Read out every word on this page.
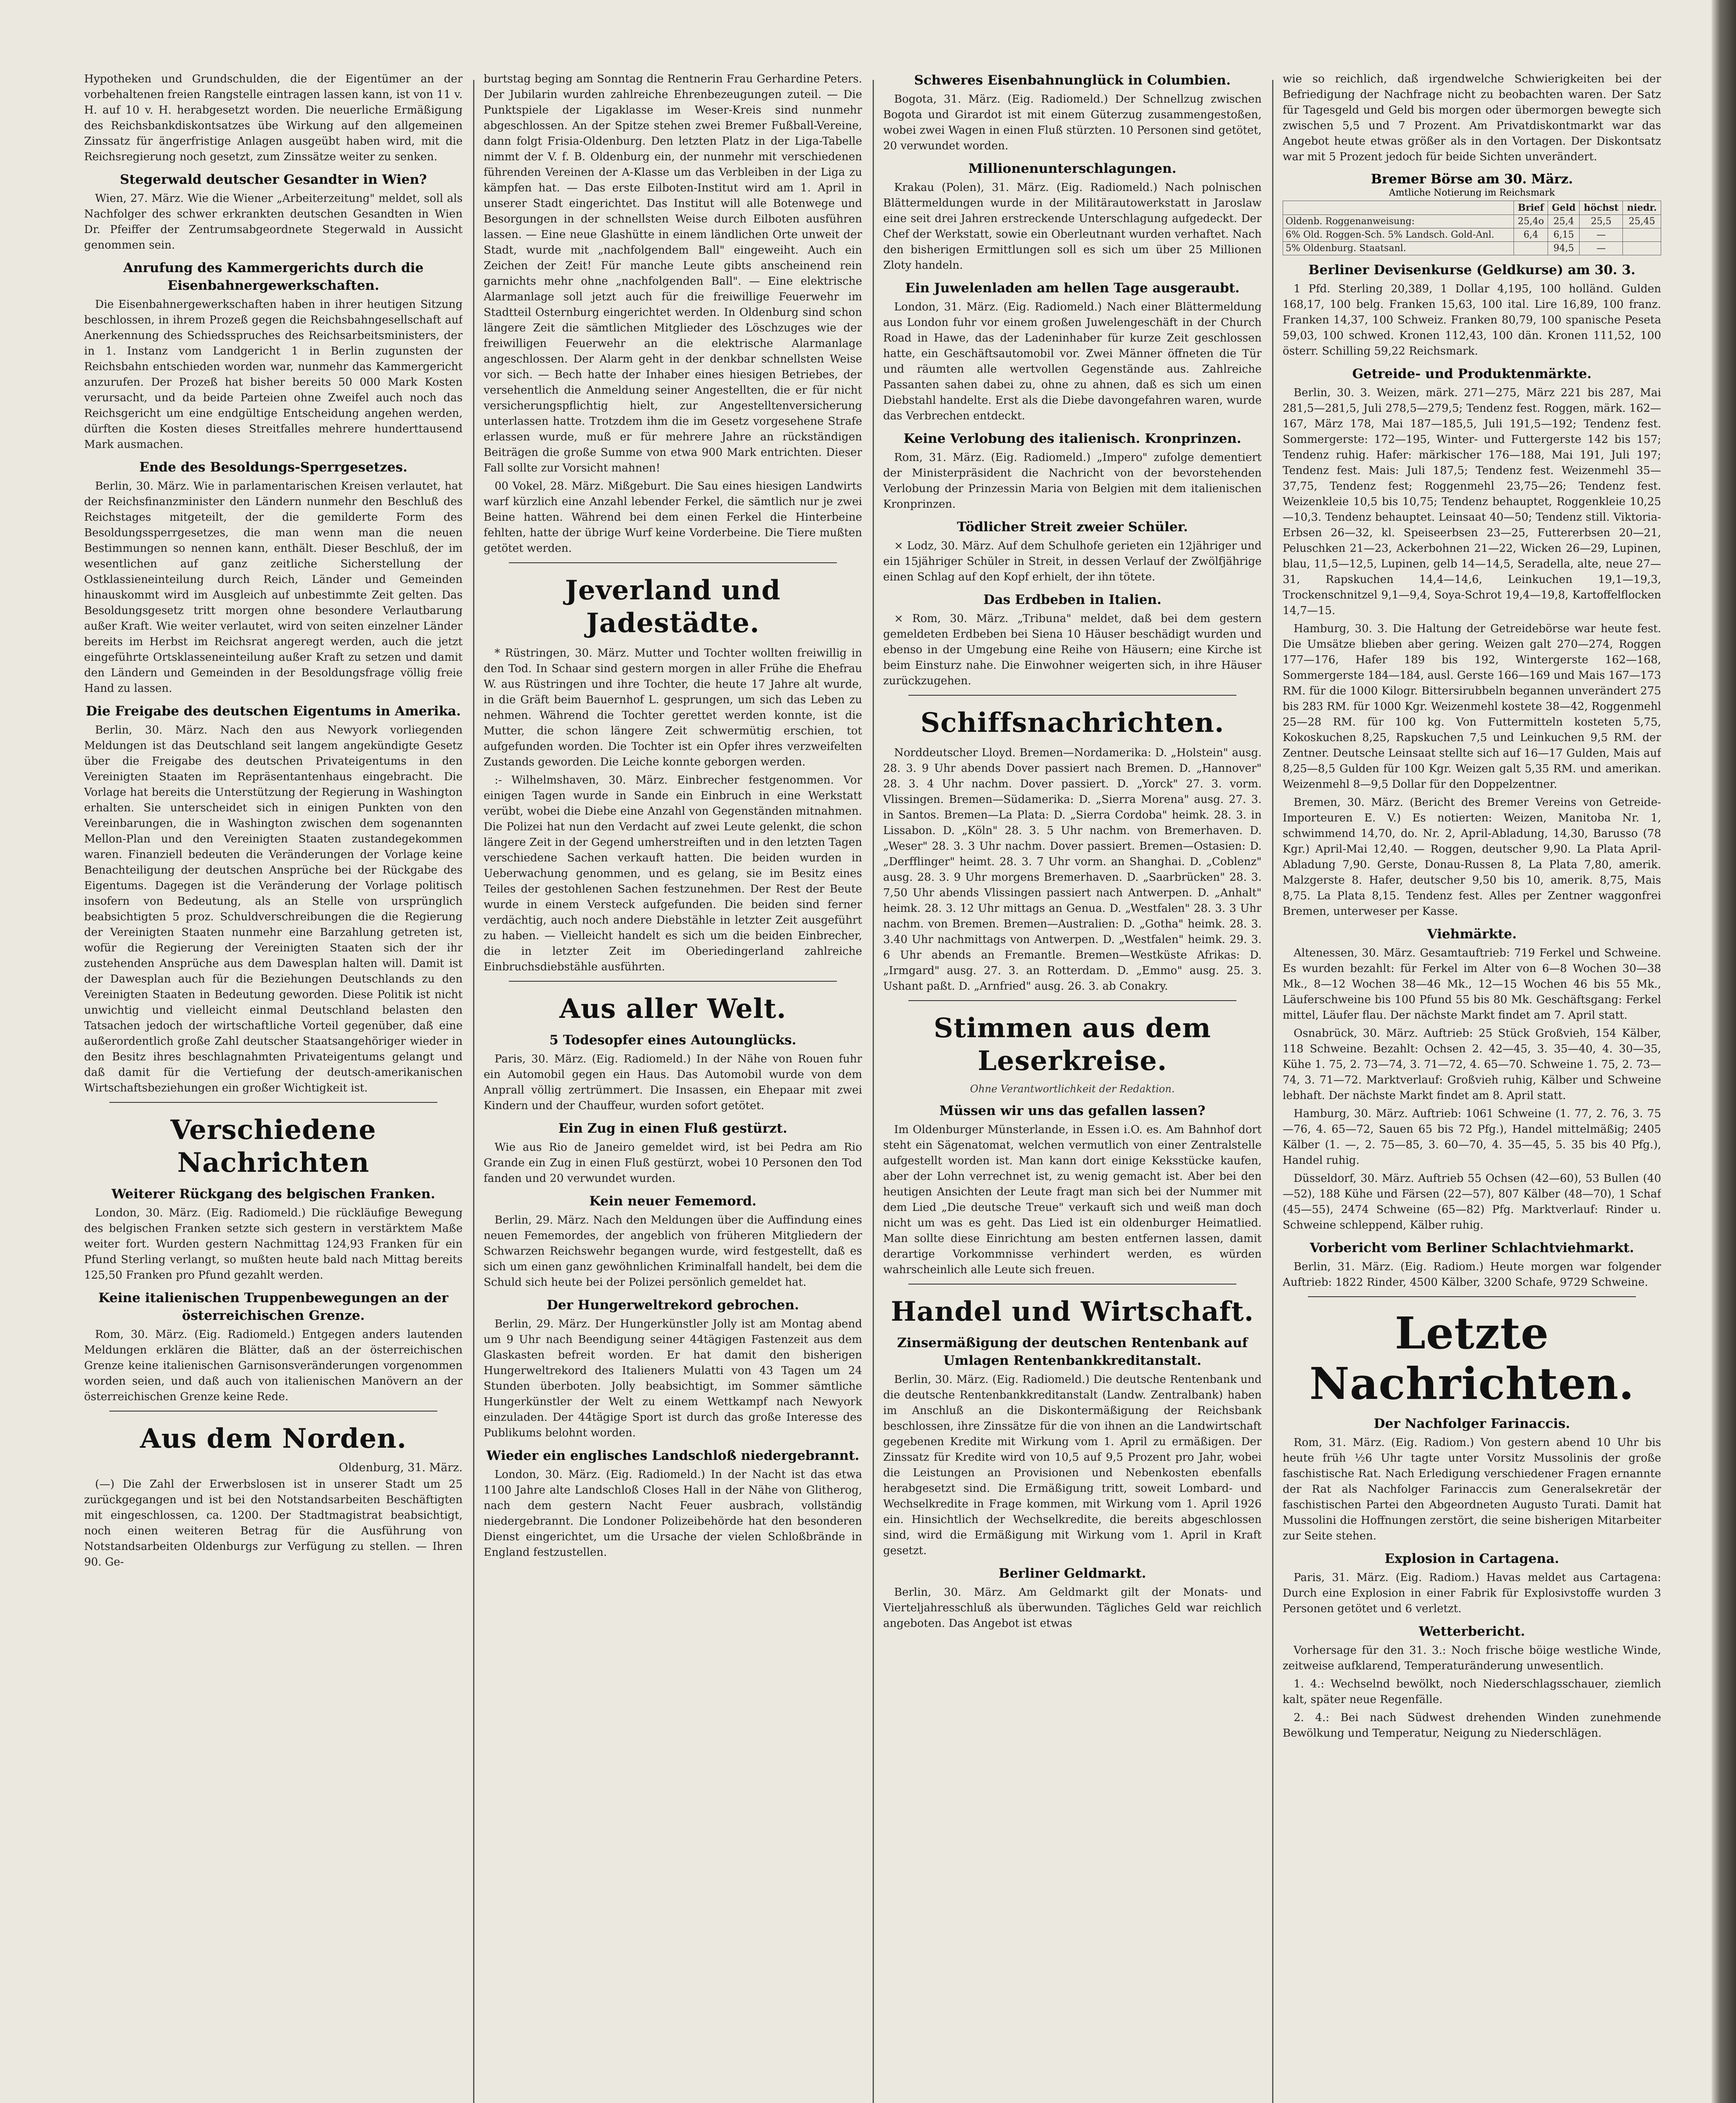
Hypotheken und Grundschulden, die der Eigentümer an der vorbehaltenen freien Rangstelle eintragen lassen kann, ist von 11 v. H. auf 10 v. H. herabgesetzt worden. Die neuerliche Ermäßigung des Reichsbankdiskontsatzes übe Wirkung auf den allgemeinen Zinssatz für ängerfristige Anlagen ausgeübt haben wird, mit die Reichsregierung noch gesetzt, zum Zinssätze weiter zu senken.

Stegerwald deutscher Gesandter in Wien?

Wien, 27. März. Wie die Wiener „Arbeiterzeitung" meldet, soll als Nachfolger des schwer erkrankten deutschen Gesandten in Wien Dr. Pfeiffer der Zentrumsabgeordnete Stegerwald in Aussicht genommen sein.

Anrufung des Kammergerichts durch die Eisenbahnergewerkschaften.

Die Eisenbahnergewerkschaften haben in ihrer heutigen Sitzung beschlossen, in ihrem Prozeß gegen die Reichsbahngesellschaft auf Anerkennung des Schiedsspruches des Reichsarbeitsministers, der in 1. Instanz vom Landgericht 1 in Berlin zugunsten der Reichsbahn entschieden worden war, nunmehr das Kammergericht anzurufen. Der Prozeß hat bisher bereits 50 000 Mark Kosten verursacht, und da beide Parteien ohne Zweifel auch noch das Reichsgericht um eine endgültige Entscheidung angehen werden, dürften die Kosten dieses Streitfalles mehrere hunderttausend Mark ausmachen.

Ende des Besoldungs-Sperrgesetzes.

Berlin, 30. März. Wie in parlamentarischen Kreisen verlautet, hat der Reichsfinanzminister den Ländern nunmehr den Beschluß des Reichstages mitgeteilt, der die gemilderte Form des Besoldungssperrgesetzes, die man wenn man die neuen Bestimmungen so nennen kann, enthält. Dieser Beschluß, der im wesentlichen auf ganz zeitliche Sicherstellung der Ostklassieneinteilung durch Reich, Länder und Gemeinden hinauskommt wird im Ausgleich auf unbestimmte Zeit gelten. Das Besoldungsgesetz tritt morgen ohne besondere Verlautbarung außer Kraft. Wie weiter verlautet, wird von seiten einzelner Länder bereits im Herbst im Reichsrat angeregt werden, auch die jetzt eingeführte Ortsklasseneinteilung außer Kraft zu setzen und damit den Ländern und Gemeinden in der Besoldungsfrage völlig freie Hand zu lassen.

Die Freigabe des deutschen Eigentums in Amerika.

Berlin, 30. März. Nach den aus Newyork vorliegenden Meldungen ist das Deutschland seit langem angekündigte Gesetz über die Freigabe des deutschen Privateigentums in den Vereinigten Staaten im Repräsentantenhaus eingebracht. Die Vorlage hat bereits die Unterstützung der Regierung in Washington erhalten. Sie unterscheidet sich in einigen Punkten von den Vereinbarungen, die in Washington zwischen dem sogenannten Mellon-Plan und den Vereinigten Staaten zustandegekommen waren. Finanziell bedeuten die Veränderungen der Vorlage keine Benachteiligung der deutschen Ansprüche bei der Rückgabe des Eigentums. Dagegen ist die Veränderung der Vorlage politisch insofern von Bedeutung, als an Stelle von ursprünglich beabsichtigten 5 proz. Schuldverschreibungen die die Regierung der Vereinigten Staaten nunmehr eine Barzahlung getreten ist, wofür die Regierung der Vereinigten Staaten sich der ihr zustehenden Ansprüche aus dem Dawesplan halten will. Damit ist der Dawesplan auch für die Beziehungen Deutschlands zu den Vereinigten Staaten in Bedeutung geworden. Diese Politik ist nicht unwichtig und vielleicht einmal Deutschland belasten den Tatsachen jedoch der wirtschaftliche Vorteil gegenüber, daß eine außerordentlich große Zahl deutscher Staatsangehöriger wieder in den Besitz ihres beschlagnahmten Privateigentums gelangt und daß damit für die Vertiefung der deutsch-amerikanischen Wirtschaftsbeziehungen ein großer Wichtigkeit ist.

Verschiedene Nachrichten
Weiterer Rückgang des belgischen Franken.

London, 30. März. (Eig. Radiomeld.) Die rückläufige Bewegung des belgischen Franken setzte sich gestern in verstärktem Maße weiter fort. Wurden gestern Nachmittag 124,93 Franken für ein Pfund Sterling verlangt, so mußten heute bald nach Mittag bereits 125,50 Franken pro Pfund gezahlt werden.

Keine italienischen Truppenbewegungen an der österreichischen Grenze.

Rom, 30. März. (Eig. Radiomeld.) Entgegen anders lautenden Meldungen erklären die Blätter, daß an der österreichischen Grenze keine italienischen Garnisonsveränderungen vorgenommen worden seien, und daß auch von italienischen Manövern an der österreichischen Grenze keine Rede.

Aus dem Norden.
Oldenburg, 31. März.

(—) Die Zahl der Erwerbslosen ist in unserer Stadt um 25 zurückgegangen und ist bei den Notstandsarbeiten Beschäftigten mit eingeschlossen, ca. 1200. Der Stadtmagistrat beabsichtigt, noch einen weiteren Betrag für die Ausführung von Notstandsarbeiten Oldenburgs zur Verfügung zu stellen. — Ihren 90. Ge-

burtstag beging am Sonntag die Rentnerin Frau Gerhardine Peters. Der Jubilarin wurden zahlreiche Ehrenbezeugungen zuteil. — Die Punktspiele der Ligaklasse im Weser-Kreis sind nunmehr abgeschlossen. An der Spitze stehen zwei Bremer Fußball-Vereine, dann folgt Frisia-Oldenburg. Den letzten Platz in der Liga-Tabelle nimmt der V. f. B. Oldenburg ein, der nunmehr mit verschiedenen führenden Vereinen der A-Klasse um das Verbleiben in der Liga zu kämpfen hat. — Das erste Eilboten-Institut wird am 1. April in unserer Stadt eingerichtet. Das Institut will alle Botenwege und Besorgungen in der schnellsten Weise durch Eilboten ausführen lassen. — Eine neue Glashütte in einem ländlichen Orte unweit der Stadt, wurde mit „nachfolgendem Ball" eingeweiht. Auch ein Zeichen der Zeit! Für manche Leute gibts anscheinend rein garnichts mehr ohne „nachfolgenden Ball". — Eine elektrische Alarmanlage soll jetzt auch für die freiwillige Feuerwehr im Stadtteil Osternburg eingerichtet werden. In Oldenburg sind schon längere Zeit die sämtlichen Mitglieder des Löschzuges wie der freiwilligen Feuerwehr an die elektrische Alarmanlage angeschlossen. Der Alarm geht in der denkbar schnellsten Weise vor sich. — Bech hatte der Inhaber eines hiesigen Betriebes, der versehentlich die Anmeldung seiner Angestellten, die er für nicht versicherungspflichtig hielt, zur Angestelltenversicherung unterlassen hatte. Trotzdem ihm die im Gesetz vorgesehene Strafe erlassen wurde, muß er für mehrere Jahre an rückständigen Beiträgen die große Summe von etwa 900 Mark entrichten. Dieser Fall sollte zur Vorsicht mahnen!

00 Vokel, 28. März. Mißgeburt. Die Sau eines hiesigen Landwirts warf kürzlich eine Anzahl lebender Ferkel, die sämtlich nur je zwei Beine hatten. Während bei dem einen Ferkel die Hinterbeine fehlten, hatte der übrige Wurf keine Vorderbeine. Die Tiere mußten getötet werden.

Jeverland und Jadestädte.

* Rüstringen, 30. März. Mutter und Tochter wollten freiwillig in den Tod. In Schaar sind gestern morgen in aller Frühe die Ehefrau W. aus Rüstringen und ihre Tochter, die heute 17 Jahre alt wurde, in die Gräft beim Bauernhof L. gesprungen, um sich das Leben zu nehmen. Während die Tochter gerettet werden konnte, ist die Mutter, die schon längere Zeit schwermütig erschien, tot aufgefunden worden. Die Tochter ist ein Opfer ihres verzweifelten Zustands geworden. Die Leiche konnte geborgen werden.

:- Wilhelmshaven, 30. März. Einbrecher festgenommen. Vor einigen Tagen wurde in Sande ein Einbruch in eine Werkstatt verübt, wobei die Diebe eine Anzahl von Gegenständen mitnahmen. Die Polizei hat nun den Verdacht auf zwei Leute gelenkt, die schon längere Zeit in der Gegend umherstreiften und in den letzten Tagen verschiedene Sachen verkauft hatten. Die beiden wurden in Ueberwachung genommen, und es gelang, sie im Besitz eines Teiles der gestohlenen Sachen festzunehmen. Der Rest der Beute wurde in einem Versteck aufgefunden. Die beiden sind ferner verdächtig, auch noch andere Diebstähle in letzter Zeit ausgeführt zu haben. — Vielleicht handelt es sich um die beiden Einbrecher, die in letzter Zeit im Oberiedingerland zahlreiche Einbruchsdiebstähle ausführten.

Aus aller Welt.
5 Todesopfer eines Autounglücks.

Paris, 30. März. (Eig. Radiomeld.) In der Nähe von Rouen fuhr ein Automobil gegen ein Haus. Das Automobil wurde von dem Anprall völlig zertrümmert. Die Insassen, ein Ehepaar mit zwei Kindern und der Chauffeur, wurden sofort getötet.

Ein Zug in einen Fluß gestürzt.

Wie aus Rio de Janeiro gemeldet wird, ist bei Pedra am Rio Grande ein Zug in einen Fluß gestürzt, wobei 10 Personen den Tod fanden und 20 verwundet wurden.

Kein neuer Fememord.

Berlin, 29. März. Nach den Meldungen über die Auffindung eines neuen Fememordes, der angeblich von früheren Mitgliedern der Schwarzen Reichswehr begangen wurde, wird festgestellt, daß es sich um einen ganz gewöhnlichen Kriminalfall handelt, bei dem die Schuld sich heute bei der Polizei persönlich gemeldet hat.

Der Hungerweltrekord gebrochen.

Berlin, 29. März. Der Hungerkünstler Jolly ist am Montag abend um 9 Uhr nach Beendigung seiner 44tägigen Fastenzeit aus dem Glaskasten befreit worden. Er hat damit den bisherigen Hungerweltrekord des Italieners Mulatti von 43 Tagen um 24 Stunden überboten. Jolly beabsichtigt, im Sommer sämtliche Hungerkünstler der Welt zu einem Wettkampf nach Newyork einzuladen. Der 44tägige Sport ist durch das große Interesse des Publikums belohnt worden.

Wieder ein englisches Landschloß niedergebrannt.

London, 30. März. (Eig. Radiomeld.) In der Nacht ist das etwa 1100 Jahre alte Landschloß Closes Hall in der Nähe von Glitherog, nach dem gestern Nacht Feuer ausbrach, vollständig niedergebrannt. Die Londoner Polizeibehörde hat den besonderen Dienst eingerichtet, um die Ursache der vielen Schloßbrände in England festzustellen.

Schweres Eisenbahnunglück in Columbien.

Bogota, 31. März. (Eig. Radiomeld.) Der Schnellzug zwischen Bogota und Girardot ist mit einem Güterzug zusammengestoßen, wobei zwei Wagen in einen Fluß stürzten. 10 Personen sind getötet, 20 verwundet worden.

Millionenunterschlagungen.

Krakau (Polen), 31. März. (Eig. Radiomeld.) Nach polnischen Blättermeldungen wurde in der Militärautowerkstatt in Jaroslaw eine seit drei Jahren erstreckende Unterschlagung aufgedeckt. Der Chef der Werkstatt, sowie ein Oberleutnant wurden verhaftet. Nach den bisherigen Ermittlungen soll es sich um über 25 Millionen Zloty handeln.

Ein Juwelenladen am hellen Tage ausgeraubt.

London, 31. März. (Eig. Radiomeld.) Nach einer Blättermeldung aus London fuhr vor einem großen Juwelengeschäft in der Church Road in Hawe, das der Ladeninhaber für kurze Zeit geschlossen hatte, ein Geschäftsautomobil vor. Zwei Männer öffneten die Tür und räumten alle wertvollen Gegenstände aus. Zahlreiche Passanten sahen dabei zu, ohne zu ahnen, daß es sich um einen Diebstahl handelte. Erst als die Diebe davongefahren waren, wurde das Verbrechen entdeckt.

Keine Verlobung des italienisch. Kronprinzen.

Rom, 31. März. (Eig. Radiomeld.) „Impero" zufolge dementiert der Ministerpräsident die Nachricht von der bevorstehenden Verlobung der Prinzessin Maria von Belgien mit dem italienischen Kronprinzen.

Tödlicher Streit zweier Schüler.

× Lodz, 30. März. Auf dem Schulhofe gerieten ein 12jähriger und ein 15jähriger Schüler in Streit, in dessen Verlauf der Zwölfjährige einen Schlag auf den Kopf erhielt, der ihn tötete.

Das Erdbeben in Italien.

× Rom, 30. März. „Tribuna" meldet, daß bei dem gestern gemeldeten Erdbeben bei Siena 10 Häuser beschädigt wurden und ebenso in der Umgebung eine Reihe von Häusern; eine Kirche ist beim Einsturz nahe. Die Einwohner weigerten sich, in ihre Häuser zurückzugehen.

Schiffsnachrichten.

Norddeutscher Lloyd. Bremen—Nordamerika: D. „Holstein" ausg. 28. 3. 9 Uhr abends Dover passiert nach Bremen. D. „Hannover" 28. 3. 4 Uhr nachm. Dover passiert. D. „Yorck" 27. 3. vorm. Vlissingen. Bremen—Südamerika: D. „Sierra Morena" ausg. 27. 3. in Santos. Bremen—La Plata: D. „Sierra Cordoba" heimk. 28. 3. in Lissabon. D. „Köln" 28. 3. 5 Uhr nachm. von Bremerhaven. D. „Weser" 28. 3. 3 Uhr nachm. Dover passiert. Bremen—Ostasien: D. „Derfflinger" heimt. 28. 3. 7 Uhr vorm. an Shanghai. D. „Coblenz" ausg. 28. 3. 9 Uhr morgens Bremerhaven. D. „Saarbrücken" 28. 3. 7,50 Uhr abends Vlissingen passiert nach Antwerpen. D. „Anhalt" heimk. 28. 3. 12 Uhr mittags an Genua. D. „Westfalen" 28. 3. 3 Uhr nachm. von Bremen. Bremen—Australien: D. „Gotha" heimk. 28. 3. 3.40 Uhr nachmittags von Antwerpen. D. „Westfalen" heimk. 29. 3. 6 Uhr abends an Fremantle. Bremen—Westküste Afrikas: D. „Irmgard" ausg. 27. 3. an Rotterdam. D. „Emmo" ausg. 25. 3. Ushant paßt. D. „Arnfried" ausg. 26. 3. ab Conakry.

Stimmen aus dem Leserkreise.
Ohne Verantwortlichkeit der Redaktion.
Müssen wir uns das gefallen lassen?

Im Oldenburger Münsterlande, in Essen i.O. es. Am Bahnhof dort steht ein Sägenatomat, welchen vermutlich von einer Zentralstelle aufgestellt worden ist. Man kann dort einige Keksstücke kaufen, aber der Lohn verrechnet ist, zu wenig gemacht ist. Aber bei den heutigen Ansichten der Leute fragt man sich bei der Nummer mit dem Lied „Die deutsche Treue" verkauft sich und weiß man doch nicht um was es geht. Das Lied ist ein oldenburger Heimatlied. Man sollte diese Einrichtung am besten entfernen lassen, damit derartige Vorkommnisse verhindert werden, es würden wahrscheinlich alle Leute sich freuen.

Handel und Wirtschaft.
Zinsermäßigung der deutschen Rentenbank auf Umlagen Rentenbankkreditanstalt.

Berlin, 30. März. (Eig. Radiomeld.) Die deutsche Rentenbank und die deutsche Rentenbankkreditanstalt (Landw. Zentralbank) haben im Anschluß an die Diskontermäßigung der Reichsbank beschlossen, ihre Zinssätze für die von ihnen an die Landwirtschaft gegebenen Kredite mit Wirkung vom 1. April zu ermäßigen. Der Zinssatz für Kredite wird von 10,5 auf 9,5 Prozent pro Jahr, wobei die Leistungen an Provisionen und Nebenkosten ebenfalls herabgesetzt sind. Die Ermäßigung tritt, soweit Lombard- und Wechselkredite in Frage kommen, mit Wirkung vom 1. April 1926 ein. Hinsichtlich der Wechselkredite, die bereits abgeschlossen sind, wird die Ermäßigung mit Wirkung vom 1. April in Kraft gesetzt.

Berliner Geldmarkt.

Berlin, 30. März. Am Geldmarkt gilt der Monats- und Vierteljahresschluß als überwunden. Tägliches Geld war reichlich angeboten. Das Angebot ist etwas

wie so reichlich, daß irgendwelche Schwierigkeiten bei der Befriedigung der Nachfrage nicht zu beobachten waren. Der Satz für Tagesgeld und Geld bis morgen oder übermorgen bewegte sich zwischen 5,5 und 7 Prozent. Am Privatdiskontmarkt war das Angebot heute etwas größer als in den Vortagen. Der Diskontsatz war mit 5 Prozent jedoch für beide Sichten unverändert.

Bremer Börse am 30. März.
Amtliche Notierung im Reichsmark
	Brief	Geld	höchst	niedr.
Oldenb. Roggenanweisung:	25,4o	25,4	25,5	25,45
6% Old. Roggen-Sch. 5% Landsch. Gold-Anl.	6,4	6,15	—	
5% Oldenburg. Staatsanl.		94,5	—	
Berliner Devisenkurse (Geldkurse) am 30. 3.

1 Pfd. Sterling 20,389, 1 Dollar 4,195, 100 holländ. Gulden 168,17, 100 belg. Franken 15,63, 100 ital. Lire 16,89, 100 franz. Franken 14,37, 100 Schweiz. Franken 80,79, 100 spanische Peseta 59,03, 100 schwed. Kronen 112,43, 100 dän. Kronen 111,52, 100 österr. Schilling 59,22 Reichsmark.

Getreide- und Produktenmärkte.

Berlin, 30. 3. Weizen, märk. 271—275, März 221 bis 287, Mai 281,5—281,5, Juli 278,5—279,5; Tendenz fest. Roggen, märk. 162—167, März 178, Mai 187—185,5, Juli 191,5—192; Tendenz fest. Sommergerste: 172—195, Winter- und Futtergerste 142 bis 157; Tendenz ruhig. Hafer: märkischer 176—188, Mai 191, Juli 197; Tendenz fest. Mais: Juli 187,5; Tendenz fest. Weizenmehl 35—37,75, Tendenz fest; Roggenmehl 23,75—26; Tendenz fest. Weizenkleie 10,5 bis 10,75; Tendenz behauptet, Roggenkleie 10,25—10,3. Tendenz behauptet. Leinsaat 40—50; Tendenz still. Viktoria-Erbsen 26—32, kl. Speiseerbsen 23—25, Futtererbsen 20—21, Peluschken 21—23, Ackerbohnen 21—22, Wicken 26—29, Lupinen, blau, 11,5—12,5, Lupinen, gelb 14—14,5, Seradella, alte, neue 27—31, Rapskuchen 14,4—14,6, Leinkuchen 19,1—19,3, Trockenschnitzel 9,1—9,4, Soya-Schrot 19,4—19,8, Kartoffelflocken 14,7—15.

Hamburg, 30. 3. Die Haltung der Getreidebörse war heute fest. Die Umsätze blieben aber gering. Weizen galt 270—274, Roggen 177—176, Hafer 189 bis 192, Wintergerste 162—168, Sommergerste 184—184, ausl. Gerste 166—169 und Mais 167—173 RM. für die 1000 Kilogr. Bittersirubbeln begannen unverändert 275 bis 283 RM. für 1000 Kgr. Weizenmehl kostete 38—42, Roggenmehl 25—28 RM. für 100 kg. Von Futtermitteln kosteten 5,75, Kokoskuchen 8,25, Rapskuchen 7,5 und Leinkuchen 9,5 RM. der Zentner. Deutsche Leinsaat stellte sich auf 16—17 Gulden, Mais auf 8,25—8,5 Gulden für 100 Kgr. Weizen galt 5,35 RM. und amerikan. Weizenmehl 8—9,5 Dollar für den Doppelzentner.

Bremen, 30. März. (Bericht des Bremer Vereins von Getreide-Importeuren E. V.) Es notierten: Weizen, Manitoba Nr. 1, schwimmend 14,70, do. Nr. 2, April-Abladung, 14,30, Barusso (78 Kgr.) April-Mai 12,40. — Roggen, deutscher 9,90. La Plata April-Abladung 7,90. Gerste, Donau-Russen 8, La Plata 7,80, amerik. Malzgerste 8. Hafer, deutscher 9,50 bis 10, amerik. 8,75, Mais 8,75. La Plata 8,15. Tendenz fest. Alles per Zentner waggonfrei Bremen, unterweser per Kasse.

Viehmärkte.

Altenessen, 30. März. Gesamtauftrieb: 719 Ferkel und Schweine. Es wurden bezahlt: für Ferkel im Alter von 6—8 Wochen 30—38 Mk., 8—12 Wochen 38—46 Mk., 12—15 Wochen 46 bis 55 Mk., Läuferschweine bis 100 Pfund 55 bis 80 Mk. Geschäftsgang: Ferkel mittel, Läufer flau. Der nächste Markt findet am 7. April statt.

Osnabrück, 30. März. Auftrieb: 25 Stück Großvieh, 154 Kälber, 118 Schweine. Bezahlt: Ochsen 2. 42—45, 3. 35—40, 4. 30—35, Kühe 1. 75, 2. 73—74, 3. 71—72, 4. 65—70. Schweine 1. 75, 2. 73—74, 3. 71—72. Marktverlauf: Großvieh ruhig, Kälber und Schweine lebhaft. Der nächste Markt findet am 8. April statt.

Hamburg, 30. März. Auftrieb: 1061 Schweine (1. 77, 2. 76, 3. 75—76, 4. 65—72, Sauen 65 bis 72 Pfg.), Handel mittelmäßig; 2405 Kälber (1. —, 2. 75—85, 3. 60—70, 4. 35—45, 5. 35 bis 40 Pfg.), Handel ruhig.

Düsseldorf, 30. März. Auftrieb 55 Ochsen (42—60), 53 Bullen (40—52), 188 Kühe und Färsen (22—57), 807 Kälber (48—70), 1 Schaf (45—55), 2474 Schweine (65—82) Pfg. Marktverlauf: Rinder u. Schweine schleppend, Kälber ruhig.

Vorbericht vom Berliner Schlachtviehmarkt.

Berlin, 31. März. (Eig. Radiom.) Heute morgen war folgender Auftrieb: 1822 Rinder, 4500 Kälber, 3200 Schafe, 9729 Schweine.

Letzte Nachrichten.
Der Nachfolger Farinaccis.

Rom, 31. März. (Eig. Radiom.) Von gestern abend 10 Uhr bis heute früh ½6 Uhr tagte unter Vorsitz Mussolinis der große faschistische Rat. Nach Erledigung verschiedener Fragen ernannte der Rat als Nachfolger Farinaccis zum Generalsekretär der faschistischen Partei den Abgeordneten Augusto Turati. Damit hat Mussolini die Hoffnungen zerstört, die seine bisherigen Mitarbeiter zur Seite stehen.

Explosion in Cartagena.

Paris, 31. März. (Eig. Radiom.) Havas meldet aus Cartagena: Durch eine Explosion in einer Fabrik für Explosivstoffe wurden 3 Personen getötet und 6 verletzt.

Wetterbericht.

Vorhersage für den 31. 3.: Noch frische böige westliche Winde, zeitweise aufklarend, Temperaturänderung unwesentlich.

1. 4.: Wechselnd bewölkt, noch Niederschlagsschauer, ziemlich kalt, später neue Regenfälle.

2. 4.: Bei nach Südwest drehenden Winden zunehmende Bewölkung und Temperatur, Neigung zu Niederschlägen.
